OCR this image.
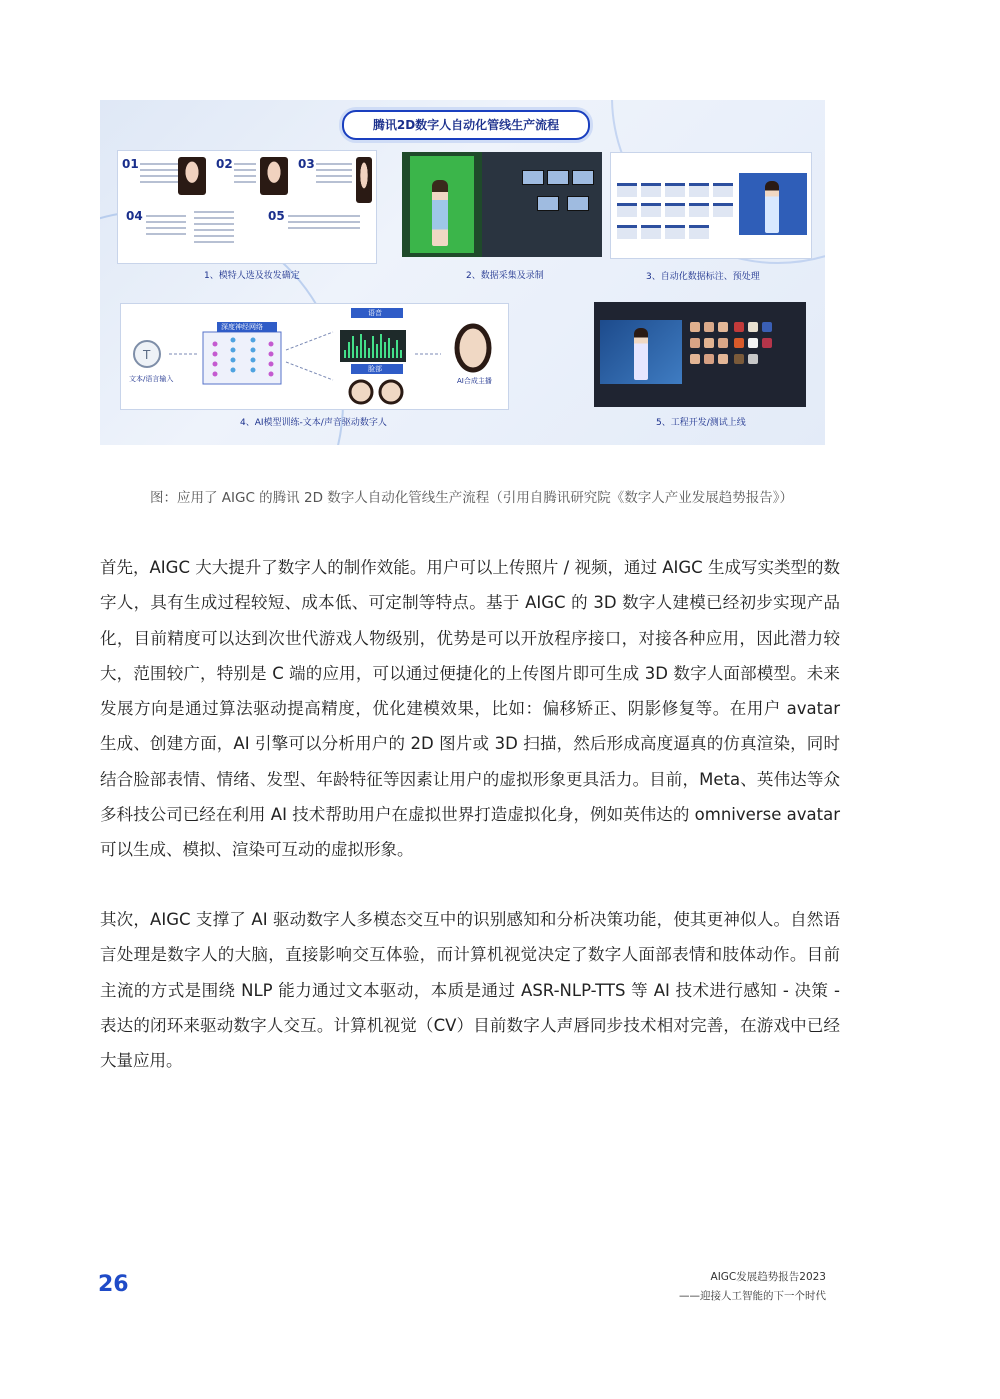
腾讯2D数字人自动化管线生产流程
01	02	03
04	05
1、模特人选及妆发确定	2、数据采集及录制	3、自动化数据标注、预处理
T
文本/语言输入
深度神经网络
语音
脸部
AI合成主播
4、AI模型训练-文本/声音驱动数字人	5、工程开发/测试上线
图：应用了 AIGC 的腾讯 2D 数字人自动化管线生产流程（引用自腾讯研究院《数字人产业发展趋势报告》）

首先，AIGC 大大提升了数字人的制作效能。用户可以上传照片 / 视频，通过 AIGC 生成写实类型的数字人，具有生成过程较短、成本低、可定制等特点。基于 AIGC 的 3D 数字人建模已经初步实现产品化，目前精度可以达到次世代游戏人物级别，优势是可以开放程序接口，对接各种应用，因此潜力较大，范围较广，特别是 C 端的应用，可以通过便捷化的上传图片即可生成 3D 数字人面部模型。未来发展方向是通过算法驱动提高精度，优化建模效果，比如：偏移矫正、阴影修复等。在用户 avatar 生成、创建方面，AI 引擎可以分析用户的 2D 图片或 3D 扫描，然后形成高度逼真的仿真渲染，同时结合脸部表情、情绪、发型、年龄特征等因素让用户的虚拟形象更具活力。目前，Meta、英伟达等众多科技公司已经在利用 AI 技术帮助用户在虚拟世界打造虚拟化身，例如英伟达的 omniverse avatar 可以生成、模拟、渲染可互动的虚拟形象。

其次，AIGC 支撑了 AI 驱动数字人多模态交互中的识别感知和分析决策功能，使其更神似人。自然语言处理是数字人的大脑，直接影响交互体验，而计算机视觉决定了数字人面部表情和肢体动作。目前主流的方式是围绕 NLP 能力通过文本驱动，本质是通过 ASR-NLP-TTS 等 AI 技术进行感知 - 决策 - 表达的闭环来驱动数字人交互。计算机视觉（CV）目前数字人声唇同步技术相对完善，在游戏中已经大量应用。

26	AIGC发展趋势报告2023
——迎接人工智能的下一个时代
